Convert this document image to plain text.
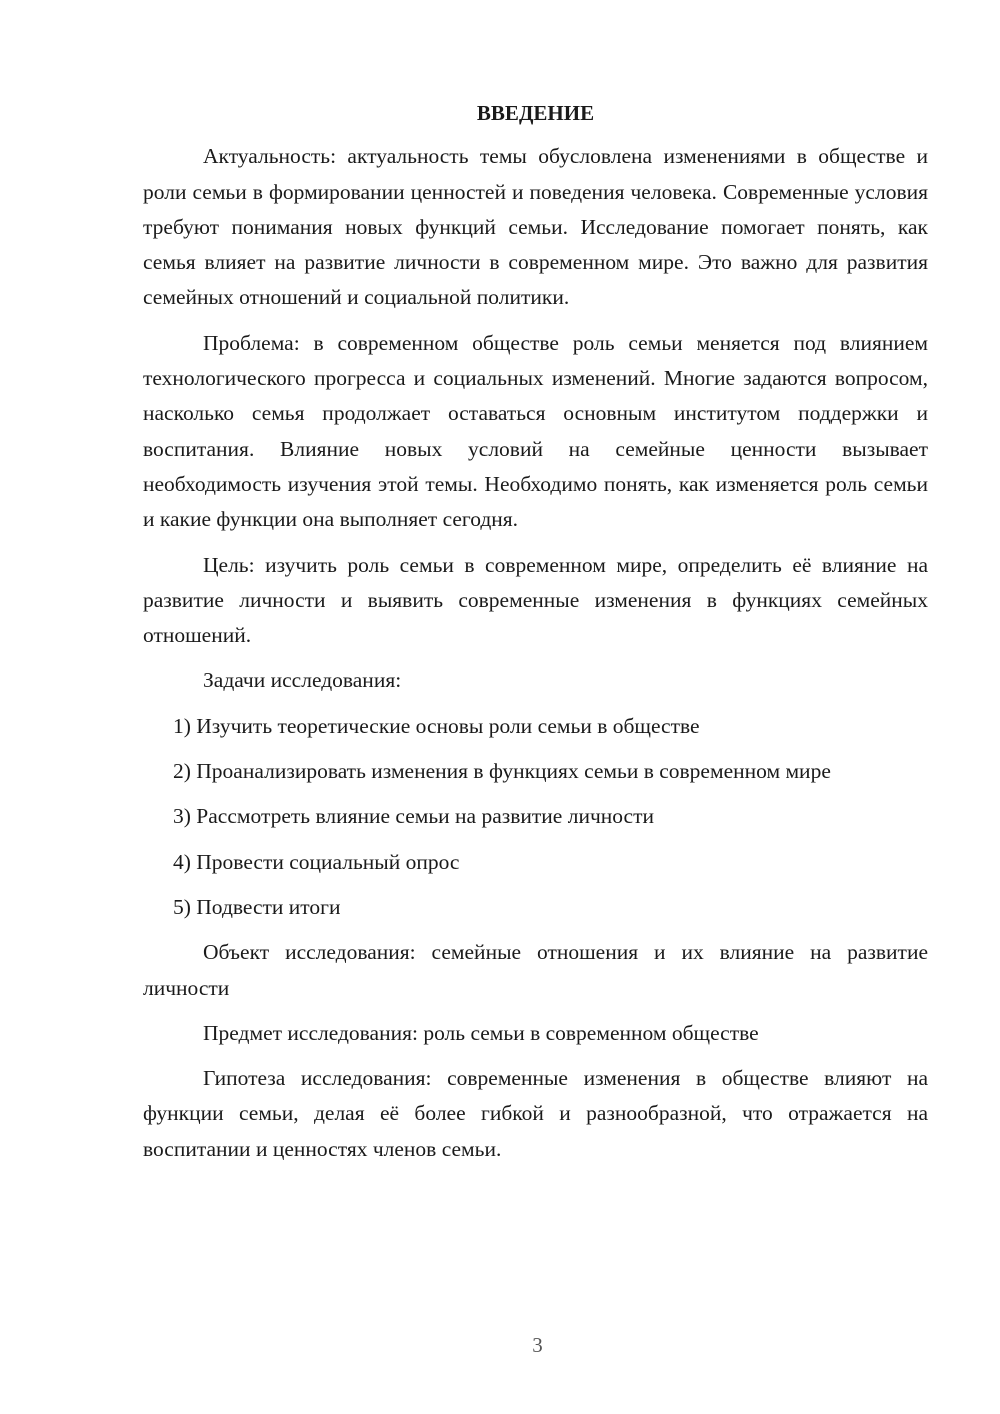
ВВЕДЕНИЕ

Актуальность: актуальность темы обусловлена изменениями в обществе и роли семьи в формировании ценностей и поведения человека. Современные условия требуют понимания новых функций семьи. Исследование помогает понять, как семья влияет на развитие личности в современном мире. Это важно для развития семейных отношений и социальной политики.

Проблема: в современном обществе роль семьи меняется под влиянием технологического прогресса и социальных изменений. Многие задаются вопросом, насколько семья продолжает оставаться основным институтом поддержки и воспитания. Влияние новых условий на семейные ценности вызывает необходимость изучения этой темы. Необходимо понять, как изменяется роль семьи и какие функции она выполняет сегодня.

Цель: изучить роль семьи в современном мире, определить её влияние на развитие личности и выявить современные изменения в функциях семейных отношений.

Задачи исследования:

1) Изучить теоретические основы роли семьи в обществе

2) Проанализировать изменения в функциях семьи в современном мире

3) Рассмотреть влияние семьи на развитие личности

4) Провести социальный опрос

5) Подвести итоги

Объект исследования: семейные отношения и их влияние на развитие личности

Предмет исследования: роль семьи в современном обществе

Гипотеза исследования: современные изменения в обществе влияют на функции семьи, делая её более гибкой и разнообразной, что отражается на воспитании и ценностях членов семьи.

3
